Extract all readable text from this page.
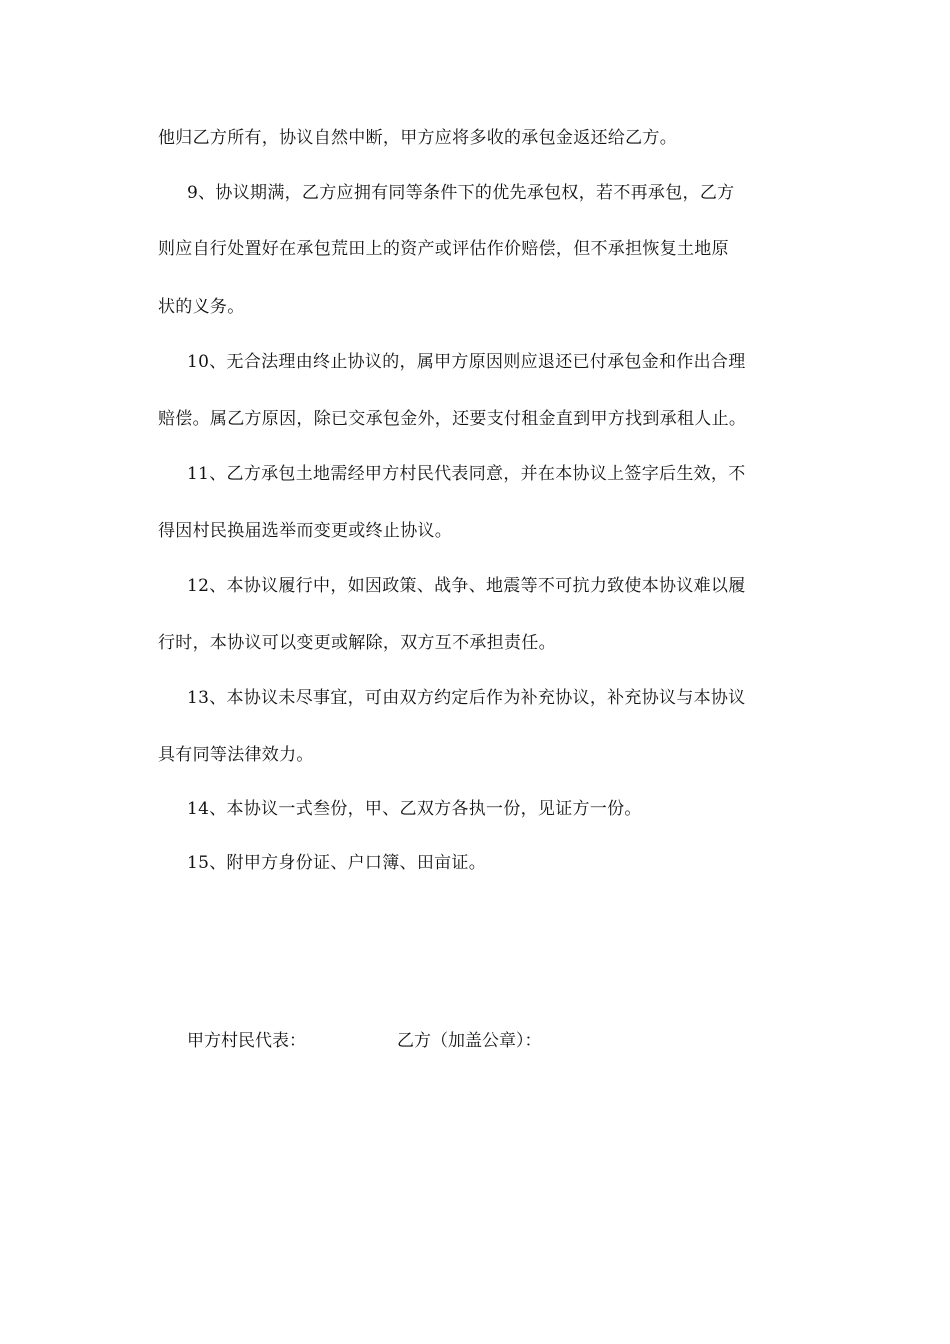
他归乙方所有，协议自然中断，甲方应将多收的承包金返还给乙方。
9、协议期满，乙方应拥有同等条件下的优先承包权，若不再承包，乙方
则应自行处置好在承包荒田上的资产或评估作价赔偿，但不承担恢复土地原
状的义务。
10、无合法理由终止协议的，属甲方原因则应退还已付承包金和作出合理
赔偿。属乙方原因，除已交承包金外，还要支付租金直到甲方找到承租人止。
11、乙方承包土地需经甲方村民代表同意，并在本协议上签字后生效，不
得因村民换届选举而变更或终止协议。
12、本协议履行中，如因政策、战争、地震等不可抗力致使本协议难以履
行时，本协议可以变更或解除，双方互不承担责任。
13、本协议未尽事宜，可由双方约定后作为补充协议，补充协议与本协议
具有同等法律效力。
14、本协议一式叁份，甲、乙双方各执一份，见证方一份。
15、附甲方身份证、户口簿、田亩证。
甲方村民代表：	乙方（加盖公章）：
